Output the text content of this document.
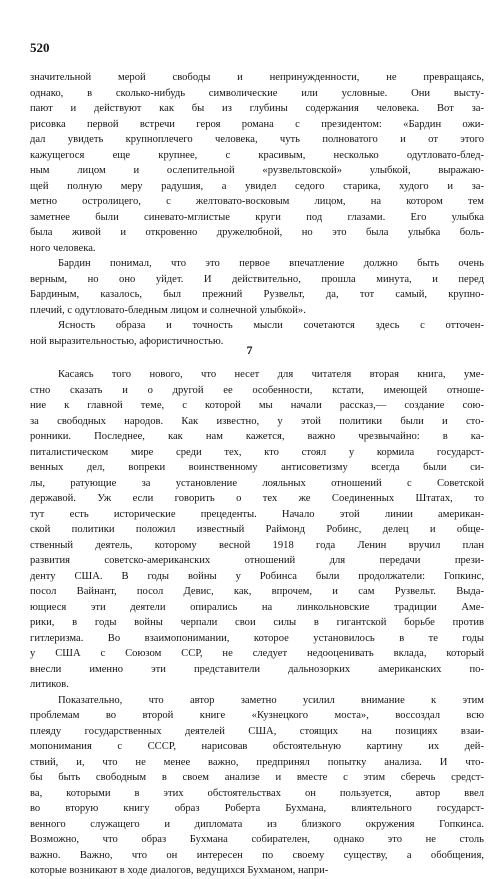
520
значительной мерой свободы и непринужденности, не превращаясь,
однако, в сколько-нибудь символические или условные. Они высту-
пают и действуют как бы из глубины содержания человека. Вот за-
рисовка первой встречи героя романа с президентом: «Бардин ожи-
дал увидеть крупноплечего человека, чуть полноватого и от этого
кажущегося еще крупнее, с красивым, несколько одутловато-блед-
ным лицом и ослепительной «рузвельтовской» улыбкой, выражаю-
щей полную меру радушия, а увидел седого старика, худого и за-
метно остролицего, с желтовато-восковым лицом, на котором тем
заметнее были синевато-мглистые круги под глазами. Его улыбка
была живой и откровенно дружелюбной, но это была улыбка боль-
ного человека.
Бардин понимал, что это первое впечатление должно быть очень
верным, но оно уйдет. И действительно, прошла минута, и перед
Бардиным, казалось, был прежний Рузвельт, да, тот самый, крупно-
плечий, с одутловато-бледным лицом и солнечной улыбкой».
Ясность образа и точность мысли сочетаются здесь с отточен-
ной выразительностью, афористичностью.
7
Касаясь того нового, что несет для читателя вторая книга, уме-
стно сказать и о другой ее особенности, кстати, имеющей отноше-
ние к главной теме, с которой мы начали рассказ,— создание сою-
за свободных народов. Как известно, у этой политики были и сто-
ронники. Последнее, как нам кажется, важно чрезвычайно: в ка-
питалистическом мире среди тех, кто стоял у кормила государст-
венных дел, вопреки воинственному антисоветизму всегда были си-
лы, ратующие за установление лояльных отношений с Советской
державой. Уж если говорить о тех же Соединенных Штатах, то
тут есть исторические прецеденты. Начало этой линии американ-
ской политики положил известный Раймонд Робинс, делец и обще-
ственный деятель, которому весной 1918 года Ленин вручил план
развития советско-американских отношений для передачи прези-
денту США. В годы войны у Робинса были продолжатели: Гопкинс,
посол Вайнант, посол Девис, как, впрочем, и сам Рузвельт. Выда-
ющиеся эти деятели опирались на линкольновские традиции Аме-
рики, в годы войны черпали свои силы в гигантской борьбе против
гитлеризма. Во взаимопонимании, которое установилось в те годы
у США с Союзом ССР, не следует недооценивать вклада, который
внесли именно эти представители дальнозорких американских по-
литиков.
Показательно, что автор заметно усилил внимание к этим
проблемам во второй книге «Кузнецкого моста», воссоздал всю
плеяду государственных деятелей США, стоящих на позициях взаи-
мопонимания с СССР, нарисовав обстоятельную картину их дей-
ствий, и, что не менее важно, предпринял попытку анализа. И что-
бы быть свободным в своем анализе и вместе с этим сберечь средст-
ва, которыми в этих обстоятельствах он пользуется, автор ввел
во вторую книгу образ Роберта Бухмана, влиятельного государст-
венного служащего и дипломата из близкого окружения Гопкинса.
Возможно, что образ Бухмана собирателен, однако это не столь
важно. Важно, что он интересен по своему существу, а обобщения,
которые возникают в ходе диалогов, ведущихся Бухманом, напри-
